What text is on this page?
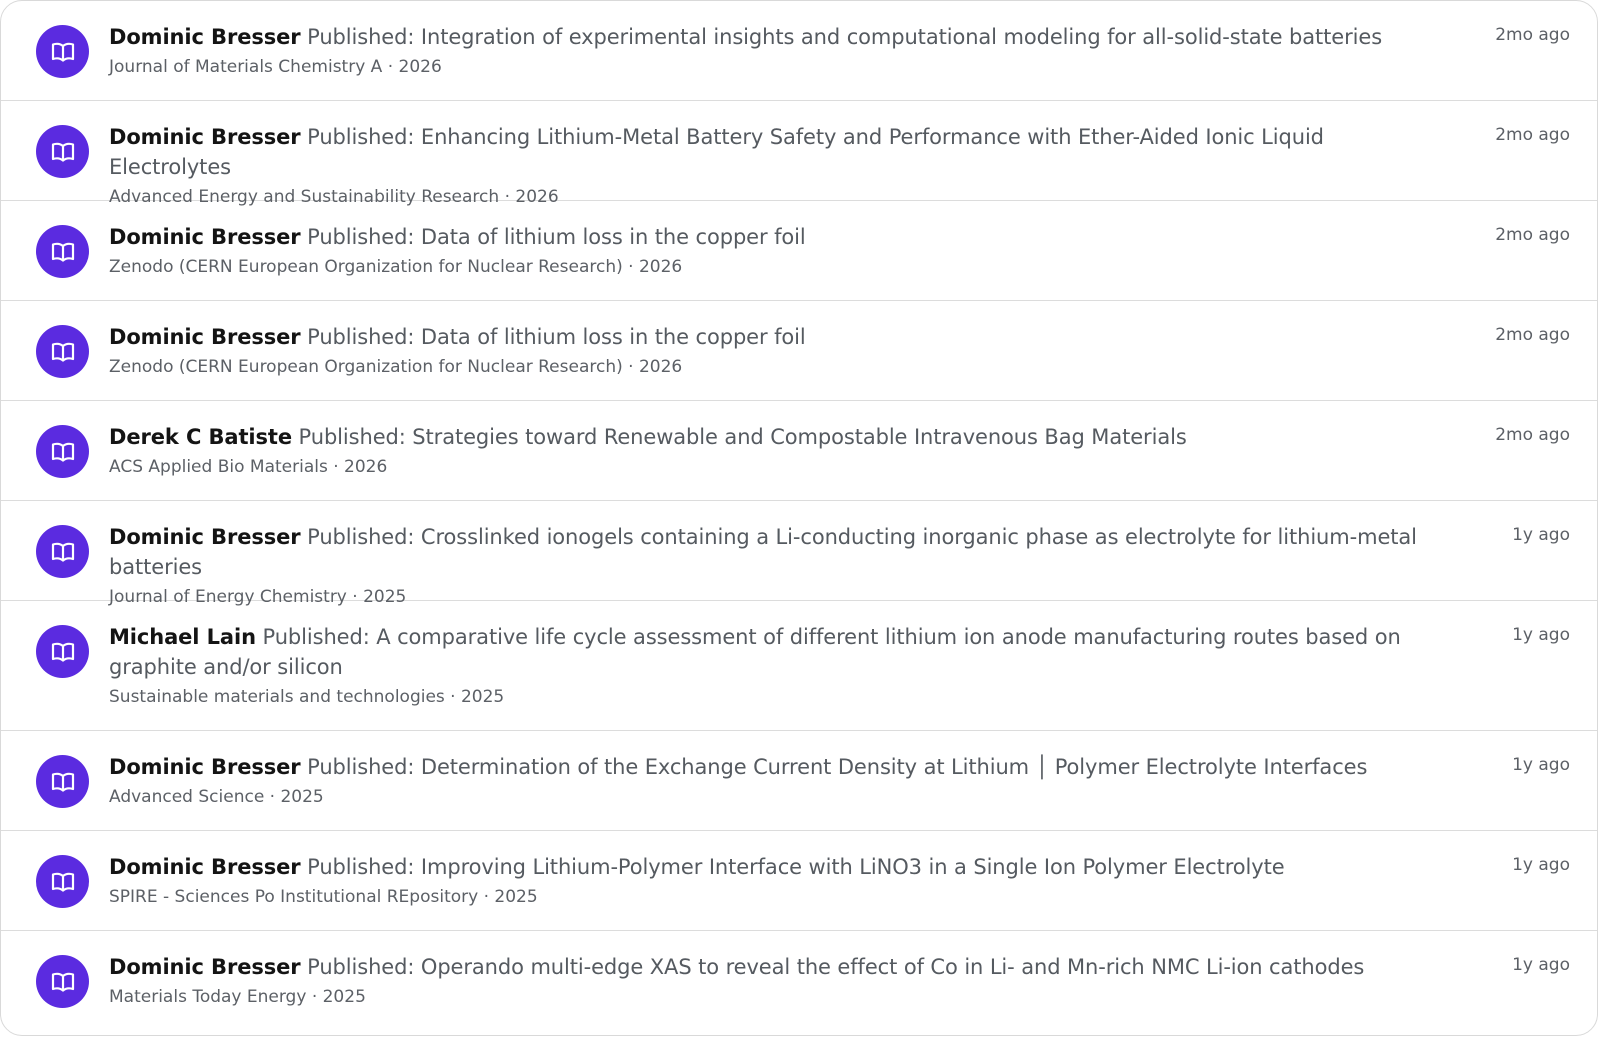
Dominic Bresser Published: Integration of experimental insights and computational modeling for all-solid-state batteries
Journal of Materials Chemistry A · 2026
2mo ago
Dominic Bresser Published: Enhancing Lithium-Metal Battery Safety and Performance with Ether-Aided Ionic Liquid Electrolytes
Advanced Energy and Sustainability Research · 2026
2mo ago
Dominic Bresser Published: Data of lithium loss in the copper foil
Zenodo (CERN European Organization for Nuclear Research) · 2026
2mo ago
Dominic Bresser Published: Data of lithium loss in the copper foil
Zenodo (CERN European Organization for Nuclear Research) · 2026
2mo ago
Derek C Batiste Published: Strategies toward Renewable and Compostable Intravenous Bag Materials
ACS Applied Bio Materials · 2026
2mo ago
Dominic Bresser Published: Crosslinked ionogels containing a Li-conducting inorganic phase as electrolyte for lithium-metal batteries
Journal of Energy Chemistry · 2025
1y ago
Michael Lain Published: A comparative life cycle assessment of different lithium ion anode manufacturing routes based on graphite and/or silicon
Sustainable materials and technologies · 2025
1y ago
Dominic Bresser Published: Determination of the Exchange Current Density at Lithium │ Polymer Electrolyte Interfaces
Advanced Science · 2025
1y ago
Dominic Bresser Published: Improving Lithium-Polymer Interface with LiNO3 in a Single Ion Polymer Electrolyte
SPIRE - Sciences Po Institutional REpository · 2025
1y ago
Dominic Bresser Published: Operando multi-edge XAS to reveal the effect of Co in Li- and Mn-rich NMC Li-ion cathodes
Materials Today Energy · 2025
1y ago
